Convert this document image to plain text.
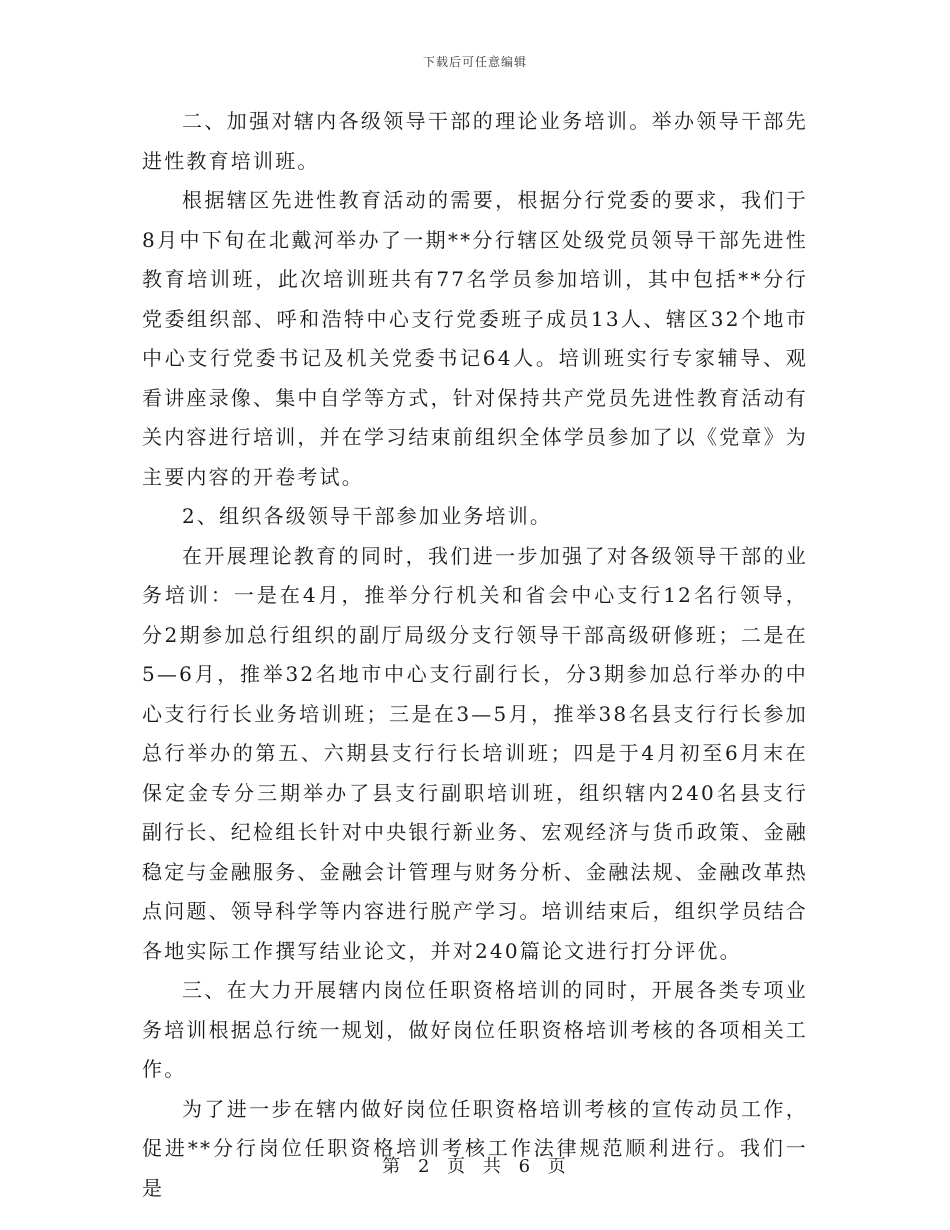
下载后可任意编辑

二、加强对辖内各级领导干部的理论业务培训。举办领导干部先进性教育培训班。

根据辖区先进性教育活动的需要，根据分行党委的要求，我们于8月中下旬在北戴河举办了一期**分行辖区处级党员领导干部先进性教育培训班，此次培训班共有77名学员参加培训，其中包括**分行党委组织部、呼和浩特中心支行党委班子成员13人、辖区32个地市中心支行党委书记及机关党委书记64人。培训班实行专家辅导、观看讲座录像、集中自学等方式，针对保持共产党员先进性教育活动有关内容进行培训，并在学习结束前组织全体学员参加了以《党章》为主要内容的开卷考试。

2、组织各级领导干部参加业务培训。

在开展理论教育的同时，我们进一步加强了对各级领导干部的业务培训：一是在4月，推举分行机关和省会中心支行12名行领导，分2期参加总行组织的副厅局级分支行领导干部高级研修班；二是在5—6月，推举32名地市中心支行副行长，分3期参加总行举办的中心支行行长业务培训班；三是在3—5月，推举38名县支行行长参加总行举办的第五、六期县支行行长培训班；四是于4月初至6月末在保定金专分三期举办了县支行副职培训班，组织辖内240名县支行副行长、纪检组长针对中央银行新业务、宏观经济与货币政策、金融稳定与金融服务、金融会计管理与财务分析、金融法规、金融改革热点问题、领导科学等内容进行脱产学习。培训结束后，组织学员结合各地实际工作撰写结业论文，并对240篇论文进行打分评优。

三、在大力开展辖内岗位任职资格培训的同时，开展各类专项业务培训根据总行统一规划，做好岗位任职资格培训考核的各项相关工作。

为了进一步在辖内做好岗位任职资格培训考核的宣传动员工作，促进**分行岗位任职资格培训考核工作法律规范顺利进行。我们一是

第 2 页 共 6 页
